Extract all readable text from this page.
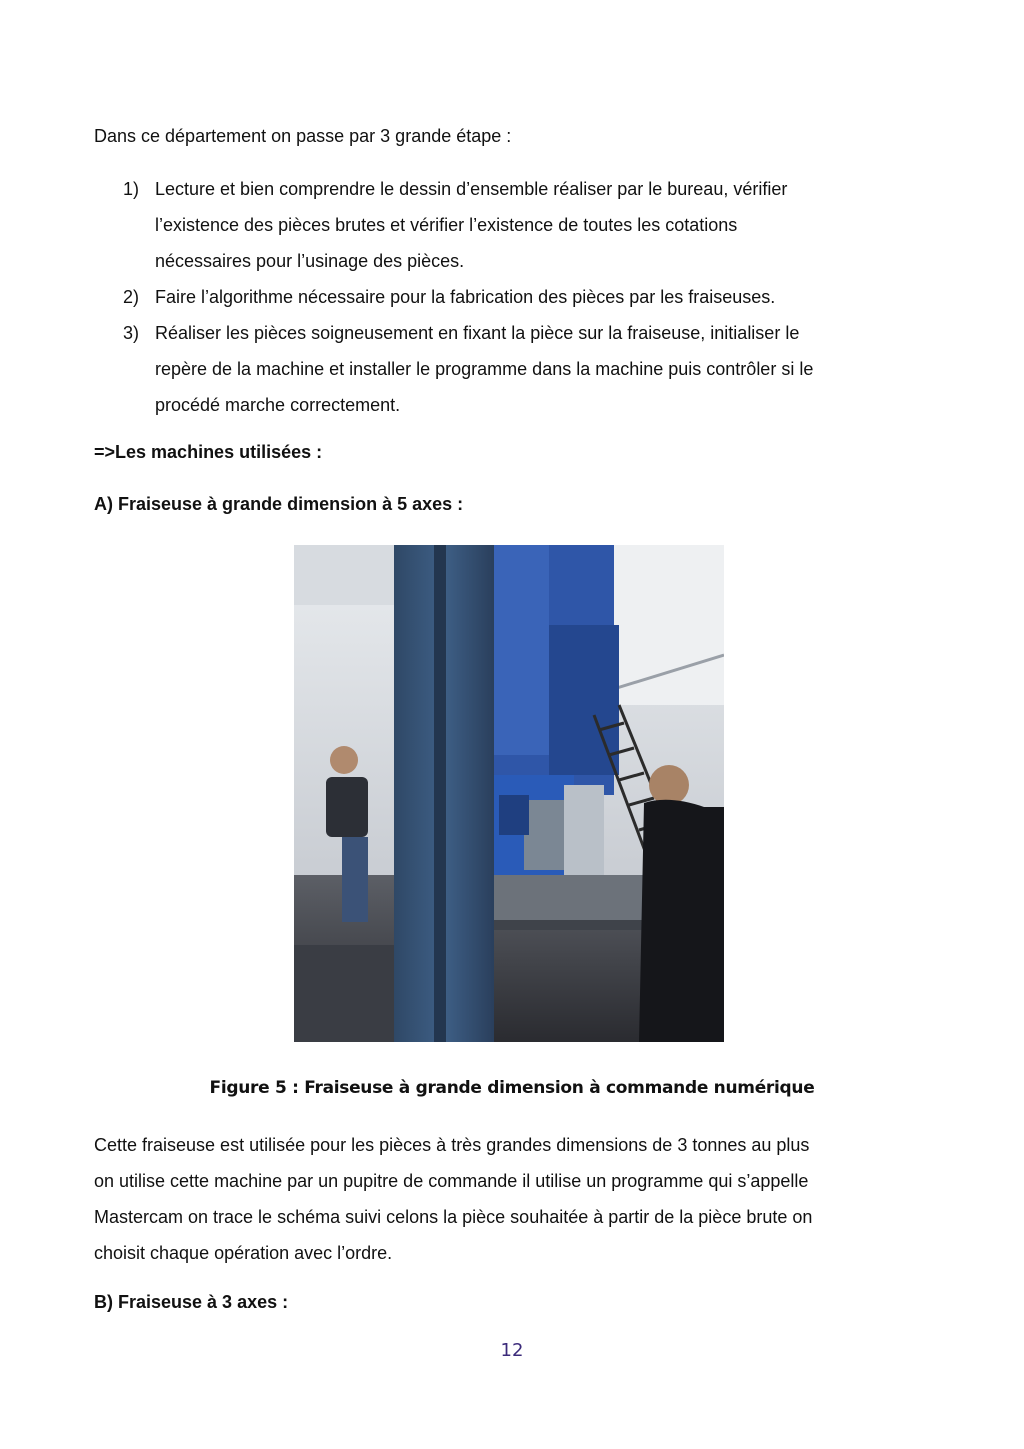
Dans ce département on passe par 3 grande étape :
1) Lecture et bien comprendre le dessin d’ensemble réaliser par le bureau, vérifier
l’existence des pièces brutes et vérifier l’existence de toutes les cotations
nécessaires pour l’usinage des pièces.
2) Faire l’algorithme nécessaire pour la fabrication des pièces par les fraiseuses.
3) Réaliser les pièces soigneusement en fixant la pièce sur la fraiseuse, initialiser le
repère de la machine et installer le programme dans la machine puis contrôler si le
procédé marche correctement.
=>Les machines utilisées :
A) Fraiseuse à grande dimension à 5 axes :
Figure 5 : Fraiseuse à grande dimension à commande numérique
Cette fraiseuse est utilisée pour les pièces à très grandes dimensions de 3 tonnes au plus
on utilise cette machine par un pupitre de commande il utilise un programme qui s’appelle
Mastercam on trace le schéma suivi celons la pièce souhaitée à partir de la pièce brute on
choisit chaque opération avec l’ordre.
B) Fraiseuse à 3 axes :
12
